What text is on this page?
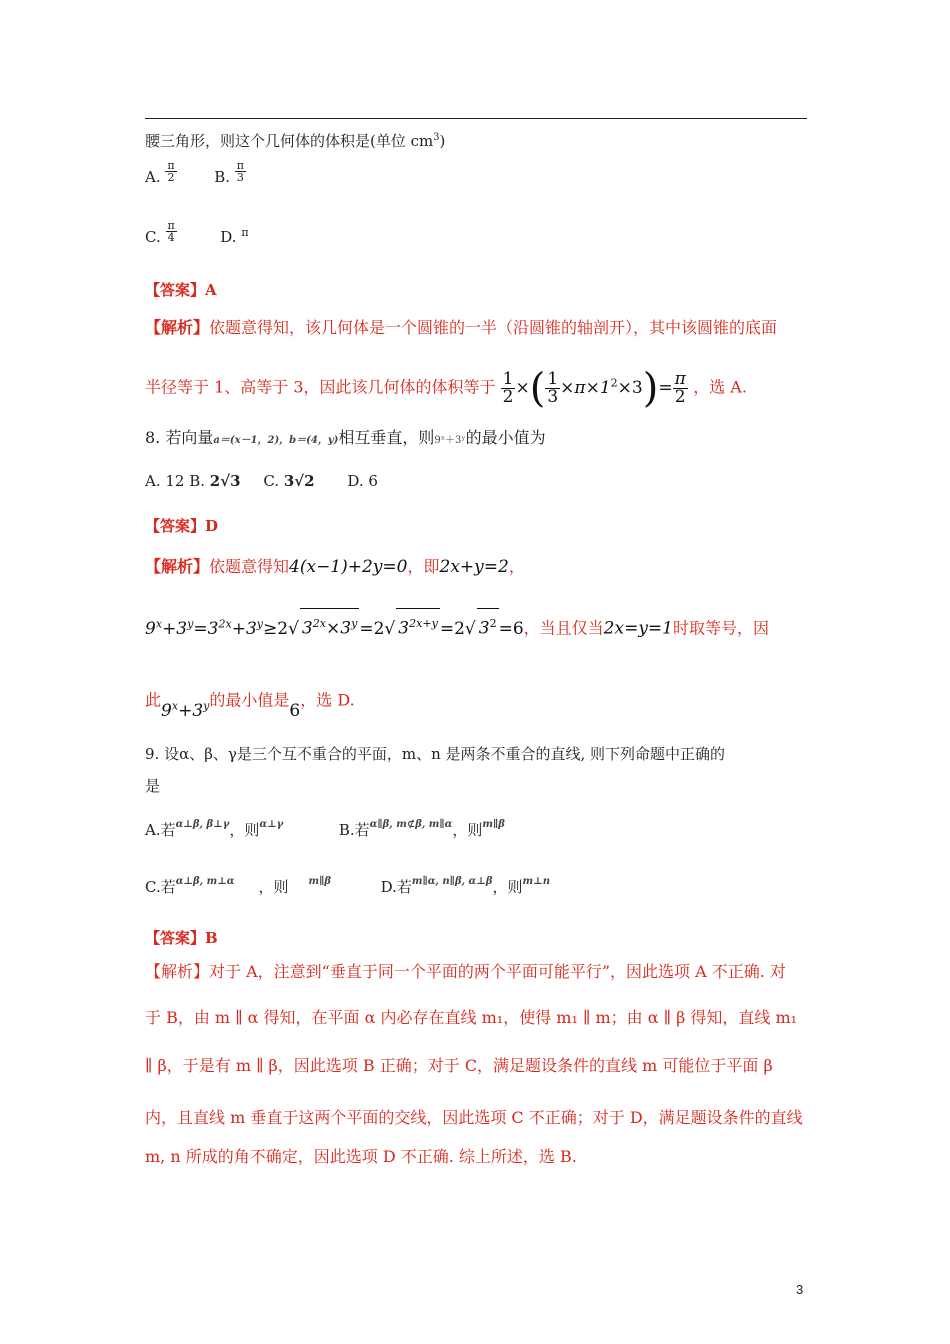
腰三角形，则这个几何体的体积是(单位 $cm^3$)
A. $\frac{\pi}{2}$	B. $\frac{\pi}{3}$
C. $\frac{\pi}{4}$	D. $^\pi$
【答案】A
【解析】依题意得知，该几何体是一个圆锥的一半（沿圆锥的轴剖开），其中该圆锥的底面
半径等于 1、高等于 3，因此该几何体的体积等于 $\frac{1}{2}$ ×( $\frac{1}{3} \times\pi\times 1^2\times 3)= \frac{\pi}{2}$ ，选 A.
8. 若向量a＝(x－1，2)，b＝(4，y)相互垂直，则9ˣ＋3ʸ的最小值为
A. 12 B. 2√3 C. 3√2 D. 6
【答案】D
【解析】依题意得知4(x−1)+2y=0，即2x+y=2，
$9^x+3^y=3^{2x}+3^y\ge 2√$ $3^{2x}\times 3^y =2√$ $3^{2x+y} =2√$ $3^2 =6$，当且仅当2x=y=1时取等号，因
此$9^x+3^y$的最小值是6，选 D.
9. 设α、β、γ是三个互不重合的平面，m、n 是两条不重合的直线, 则下列命题中正确的
是
A.若$^{\alpha\perp\beta, \beta\perp\gamma}$，则$^{\alpha\perp\gamma}$	B.若$^{\alpha\parallel\beta, m⊄\beta, m\parallel\alpha}$，则$^{m\parallel\beta}$
C.若$^{\alpha\perp\beta, m\perp\alpha}$ ，则 $^{m\parallel\beta}$	D.若$^{m\parallel\alpha, n\parallel\beta, \alpha\perp\beta}$，则$^{m\perp n}$
【答案】B
【解析】对于 A，注意到“垂直于同一个平面的两个平面可能平行”，因此选项 A 不正确. 对
于 B，由 m ∥ α 得知，在平面 α 内必存在直线 m₁，使得 m₁ ∥ m；由 α ∥ β 得知，直线 m₁
∥ β，于是有 m ∥ β，因此选项 B 正确；对于 C，满足题设条件的直线 m 可能位于平面 β
内，且直线 m 垂直于这两个平面的交线，因此选项 C 不正确；对于 D，满足题设条件的直线
m, n 所成的角不确定，因此选项 D 不正确. 综上所述，选 B.
3
